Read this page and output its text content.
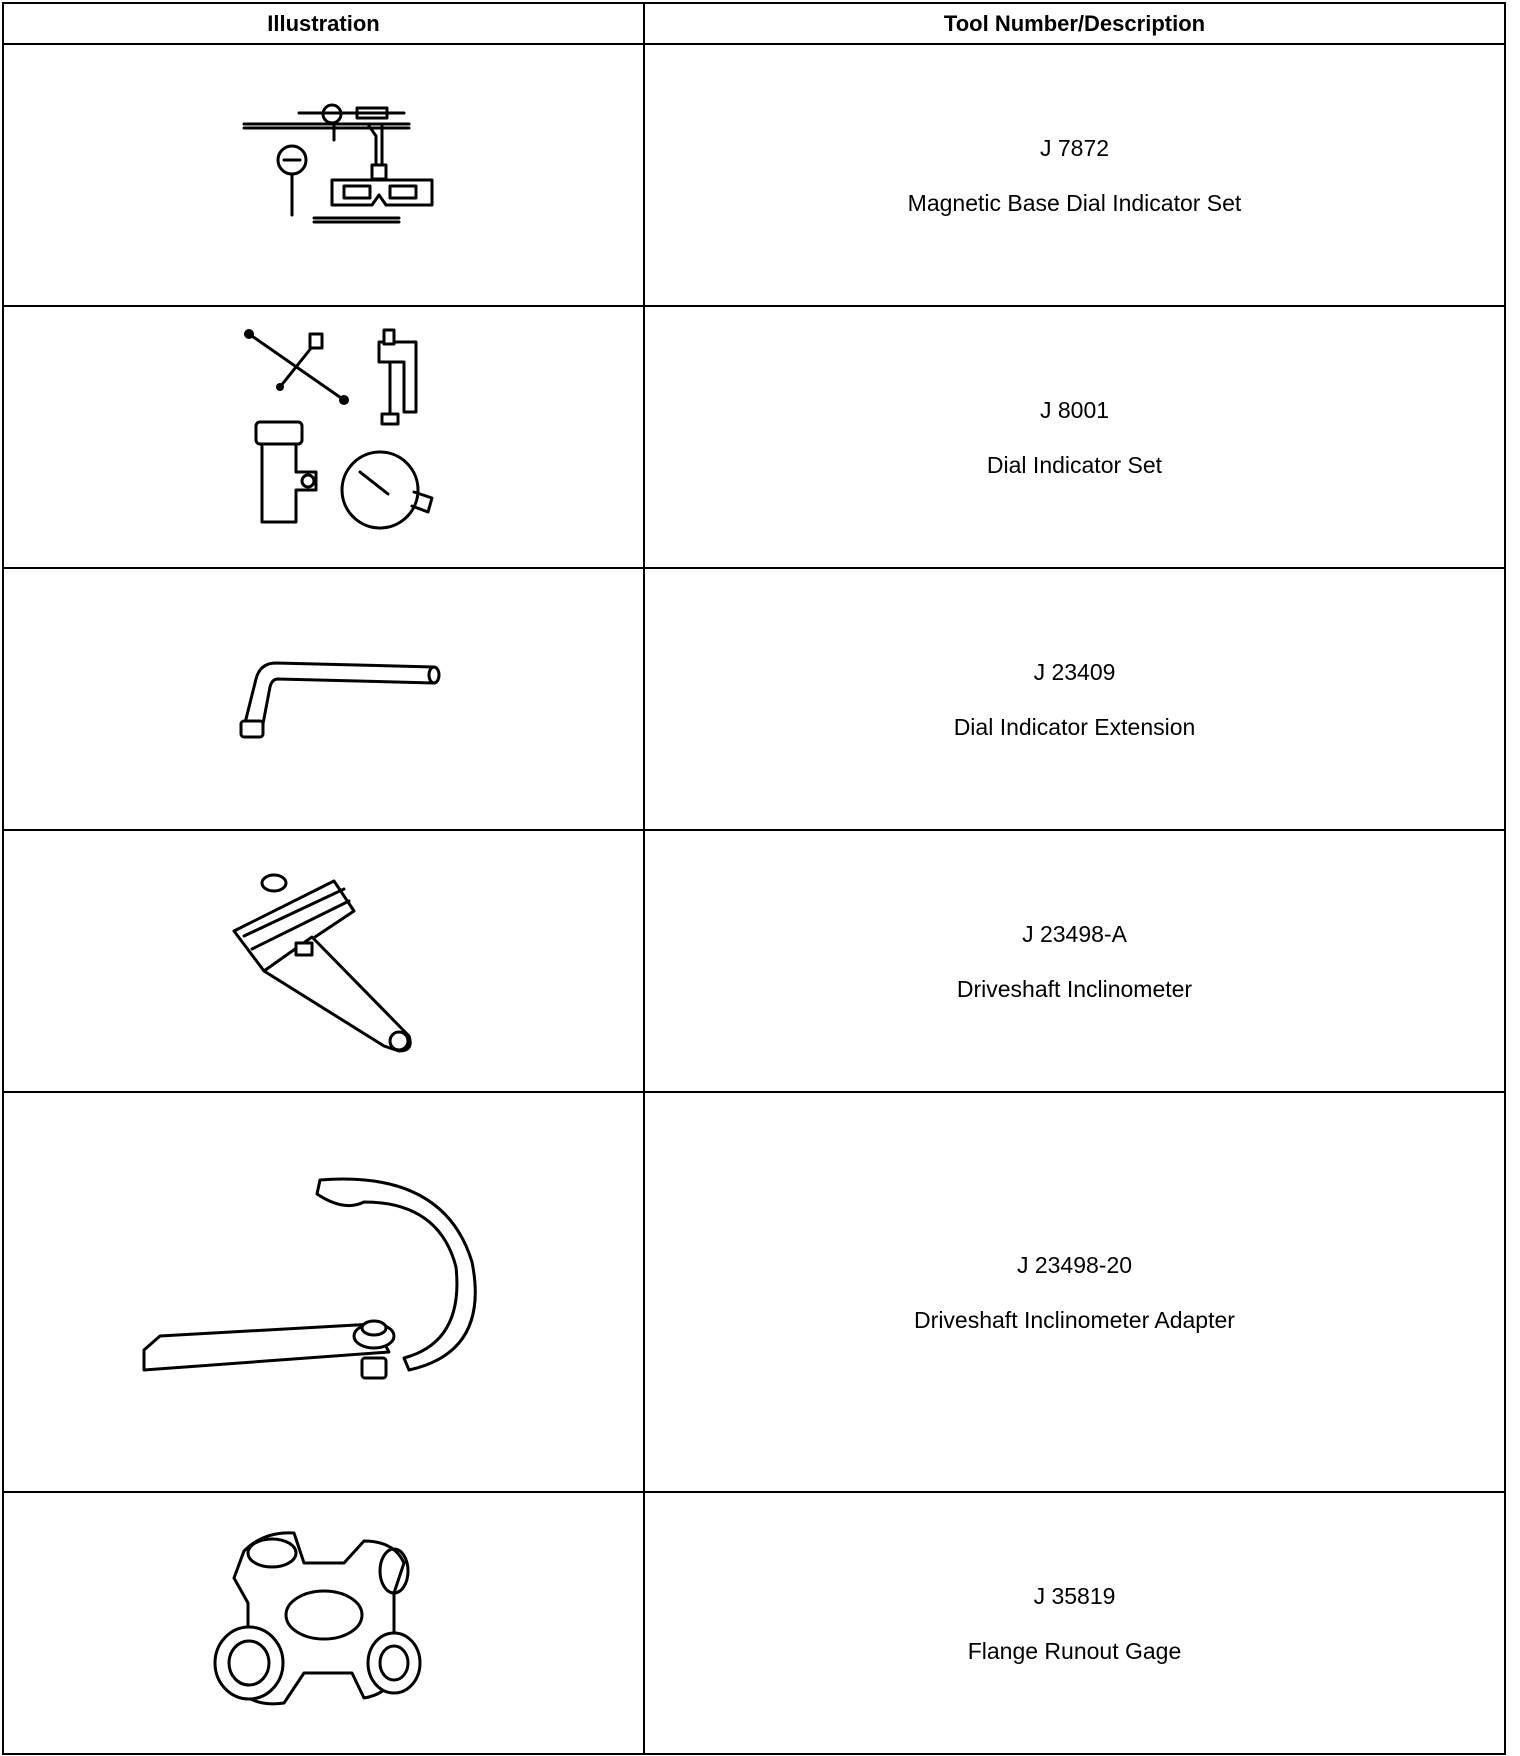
Illustration	Tool Number/Description

J 7872
Magnetic Base Dial Indicator Set

J 8001
Dial Indicator Set

J 23409
Dial Indicator Extension

J 23498-A
Driveshaft Inclinometer

J 23498-20
Driveshaft Inclinometer Adapter

J 35819
Flange Runout Gage
